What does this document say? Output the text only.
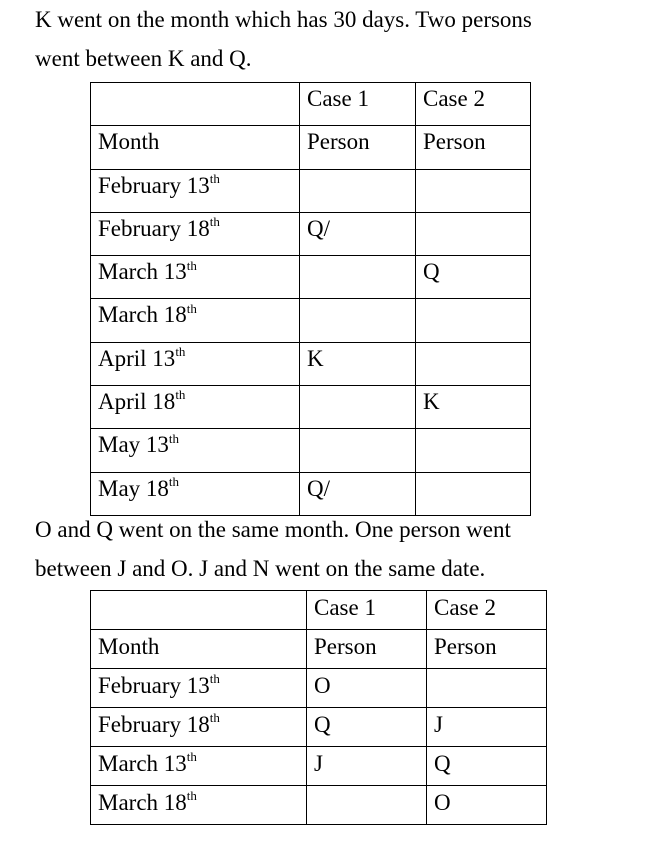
K went on the month which has 30 days. Two persons
went between K and Q.

	Case 1	Case 2
Month	Person	Person
February 13th		
February 18th	Q/	
March 13th		Q
March 18th		
April 13th	K	
April 18th		K
May 13th		
May 18th	Q/	

O and Q went on the same month. One person went
between J and O. J and N went on the same date.

	Case 1	Case 2
Month	Person	Person
February 13th	O	
February 18th	Q	J
March 13th	J	Q
March 18th		O
